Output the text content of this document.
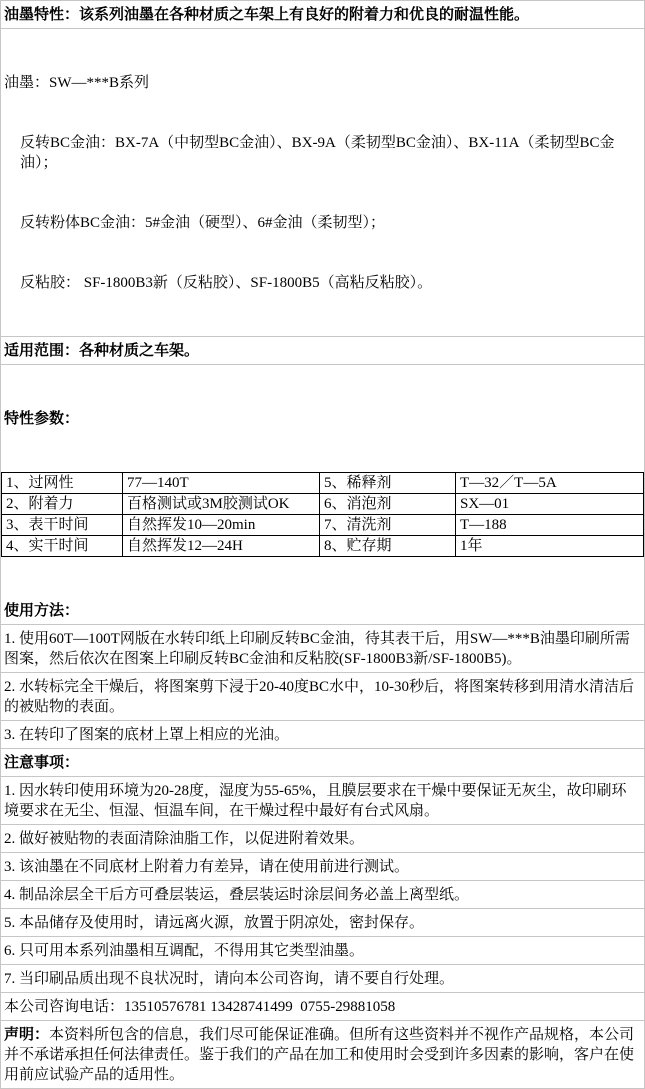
油墨特性：该系列油墨在各种材质之车架上有良好的附着力和优良的耐温性能。

油墨：SW—***B系列

反转BC金油：BX-7A（中韧型BC金油）、BX-9A（柔韧型BC金油）、BX-11A（柔韧型BC金油）；

反转粉体BC金油：5#金油（硬型）、6#金油（柔韧型）；

反粘胶： SF-1800B3新（反粘胶）、SF-1800B5（高粘反粘胶）。

适用范围：各种材质之车架。

特性参数：

1、过网性	77—140T	5、稀释剂	T—32／T—5A
2、附着力	百格测试或3M胶测试OK	6、消泡剂	SX—01
3、表干时间	自然挥发10—20min	7、清洗剂	T—188
4、实干时间	自然挥发12—24H	8、贮存期	1年

使用方法：
1. 使用60T—100T网版在水转印纸上印刷反转BC金油，待其表干后，用SW—***B油墨印刷所需图案，然后依次在图案上印刷反转BC金油和反粘胶(SF-1800B3新/SF-1800B5)。
2. 水转标完全干燥后，将图案剪下浸于20-40度BC水中，10-30秒后，将图案转移到用清水清洁后的被贴物的表面。
3. 在转印了图案的底材上罩上相应的光油。
注意事项：
1. 因水转印使用环境为20-28度，湿度为55-65%，且膜层要求在干燥中要保证无灰尘，故印刷环境要求在无尘、恒湿、恒温车间，在干燥过程中最好有台式风扇。
2. 做好被贴物的表面清除油脂工作，以促进附着效果。
3. 该油墨在不同底材上附着力有差异，请在使用前进行测试。
4. 制品涂层全干后方可叠层装运，叠层装运时涂层间务必盖上离型纸。
5. 本品储存及使用时，请远离火源，放置于阴凉处，密封保存。
6. 只可用本系列油墨相互调配，不得用其它类型油墨。
7. 当印刷品质出现不良状况时，请向本公司咨询，请不要自行处理。
本公司咨询电话：13510576781 13428741499  0755-29881058
声明：本资料所包含的信息，我们尽可能保证准确。但所有这些资料并不视作产品规格，本公司并不承诺承担任何法律责任。鉴于我们的产品在加工和使用时会受到许多因素的影响，客户在使用前应试验产品的适用性。
